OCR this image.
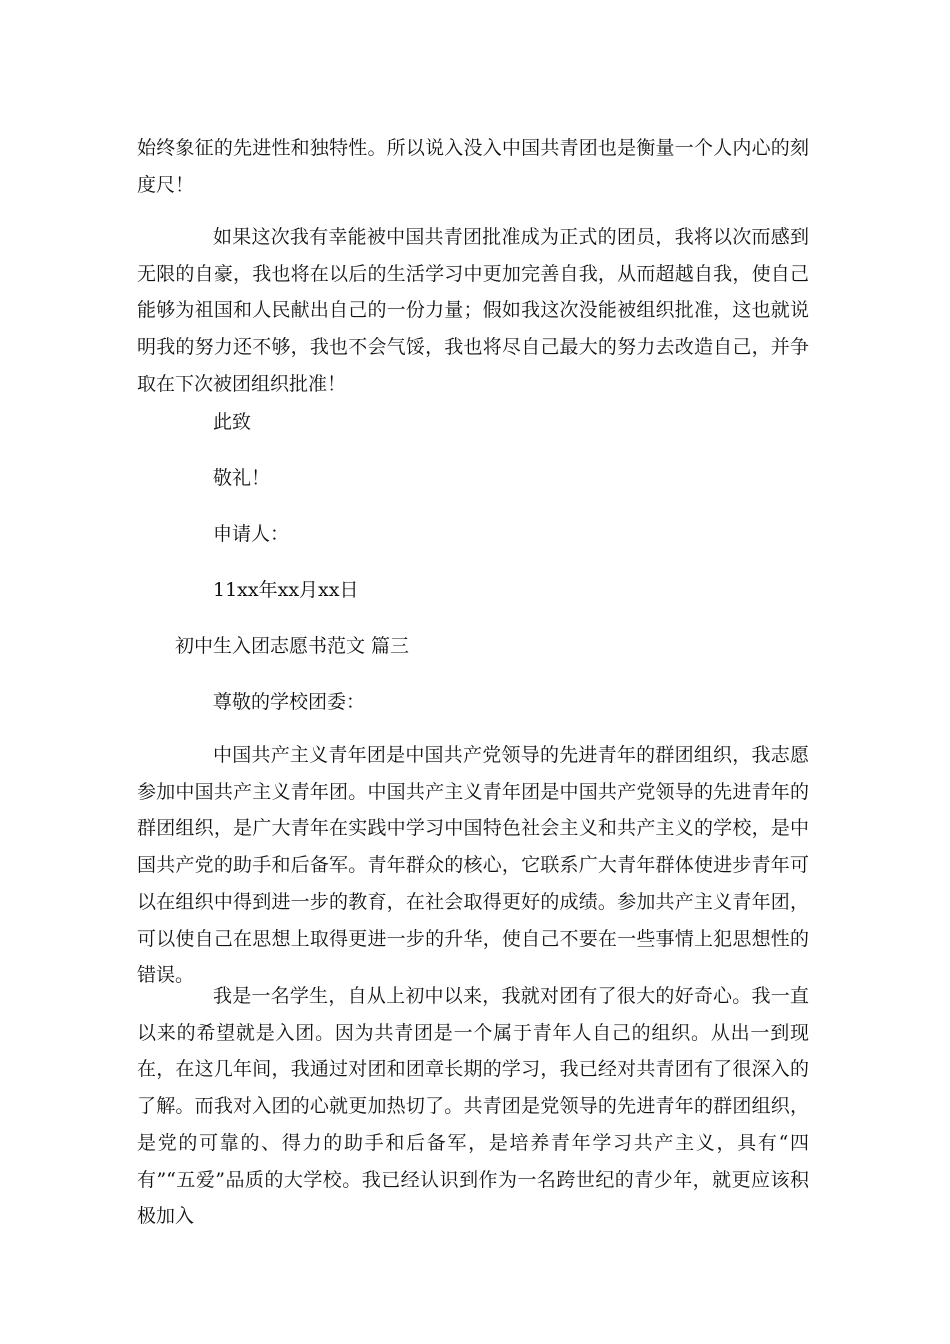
始终象征的先进性和独特性。所以说入没入中国共青团也是衡量一个人内心的刻度尺！

如果这次我有幸能被中国共青团批准成为正式的团员，我将以次而感到无限的自豪，我也将在以后的生活学习中更加完善自我，从而超越自我，使自己能够为祖国和人民献出自己的一份力量；假如我这次没能被组织批准，这也就说明我的努力还不够，我也不会气馁，我也将尽自己最大的努力去改造自己，并争取在下次被团组织批准！

此致

敬礼！

申请人：

11xx年xx月xx日

初中生入团志愿书范文 篇三

尊敬的学校团委：

中国共产主义青年团是中国共产党领导的先进青年的群团组织，我志愿参加中国共产主义青年团。中国共产主义青年团是中国共产党领导的先进青年的群团组织，是广大青年在实践中学习中国特色社会主义和共产主义的学校，是中国共产党的助手和后备军。青年群众的核心，它联系广大青年群体使进步青年可以在组织中得到进一步的教育，在社会取得更好的成绩。参加共产主义青年团，可以使自己在思想上取得更进一步的升华，使自己不要在一些事情上犯思想性的错误。

我是一名学生，自从上初中以来，我就对团有了很大的好奇心。我一直以来的希望就是入团。因为共青团是一个属于青年人自己的组织。从出一到现在，在这几年间，我通过对团和团章长期的学习，我已经对共青团有了很深入的了解。而我对入团的心就更加热切了。共青团是党领导的先进青年的群团组织，是党的可靠的、得力的助手和后备军，是培养青年学习共产主义，具有“四有”“五爱”品质的大学校。我已经认识到作为一名跨世纪的青少年，就更应该积极加入
